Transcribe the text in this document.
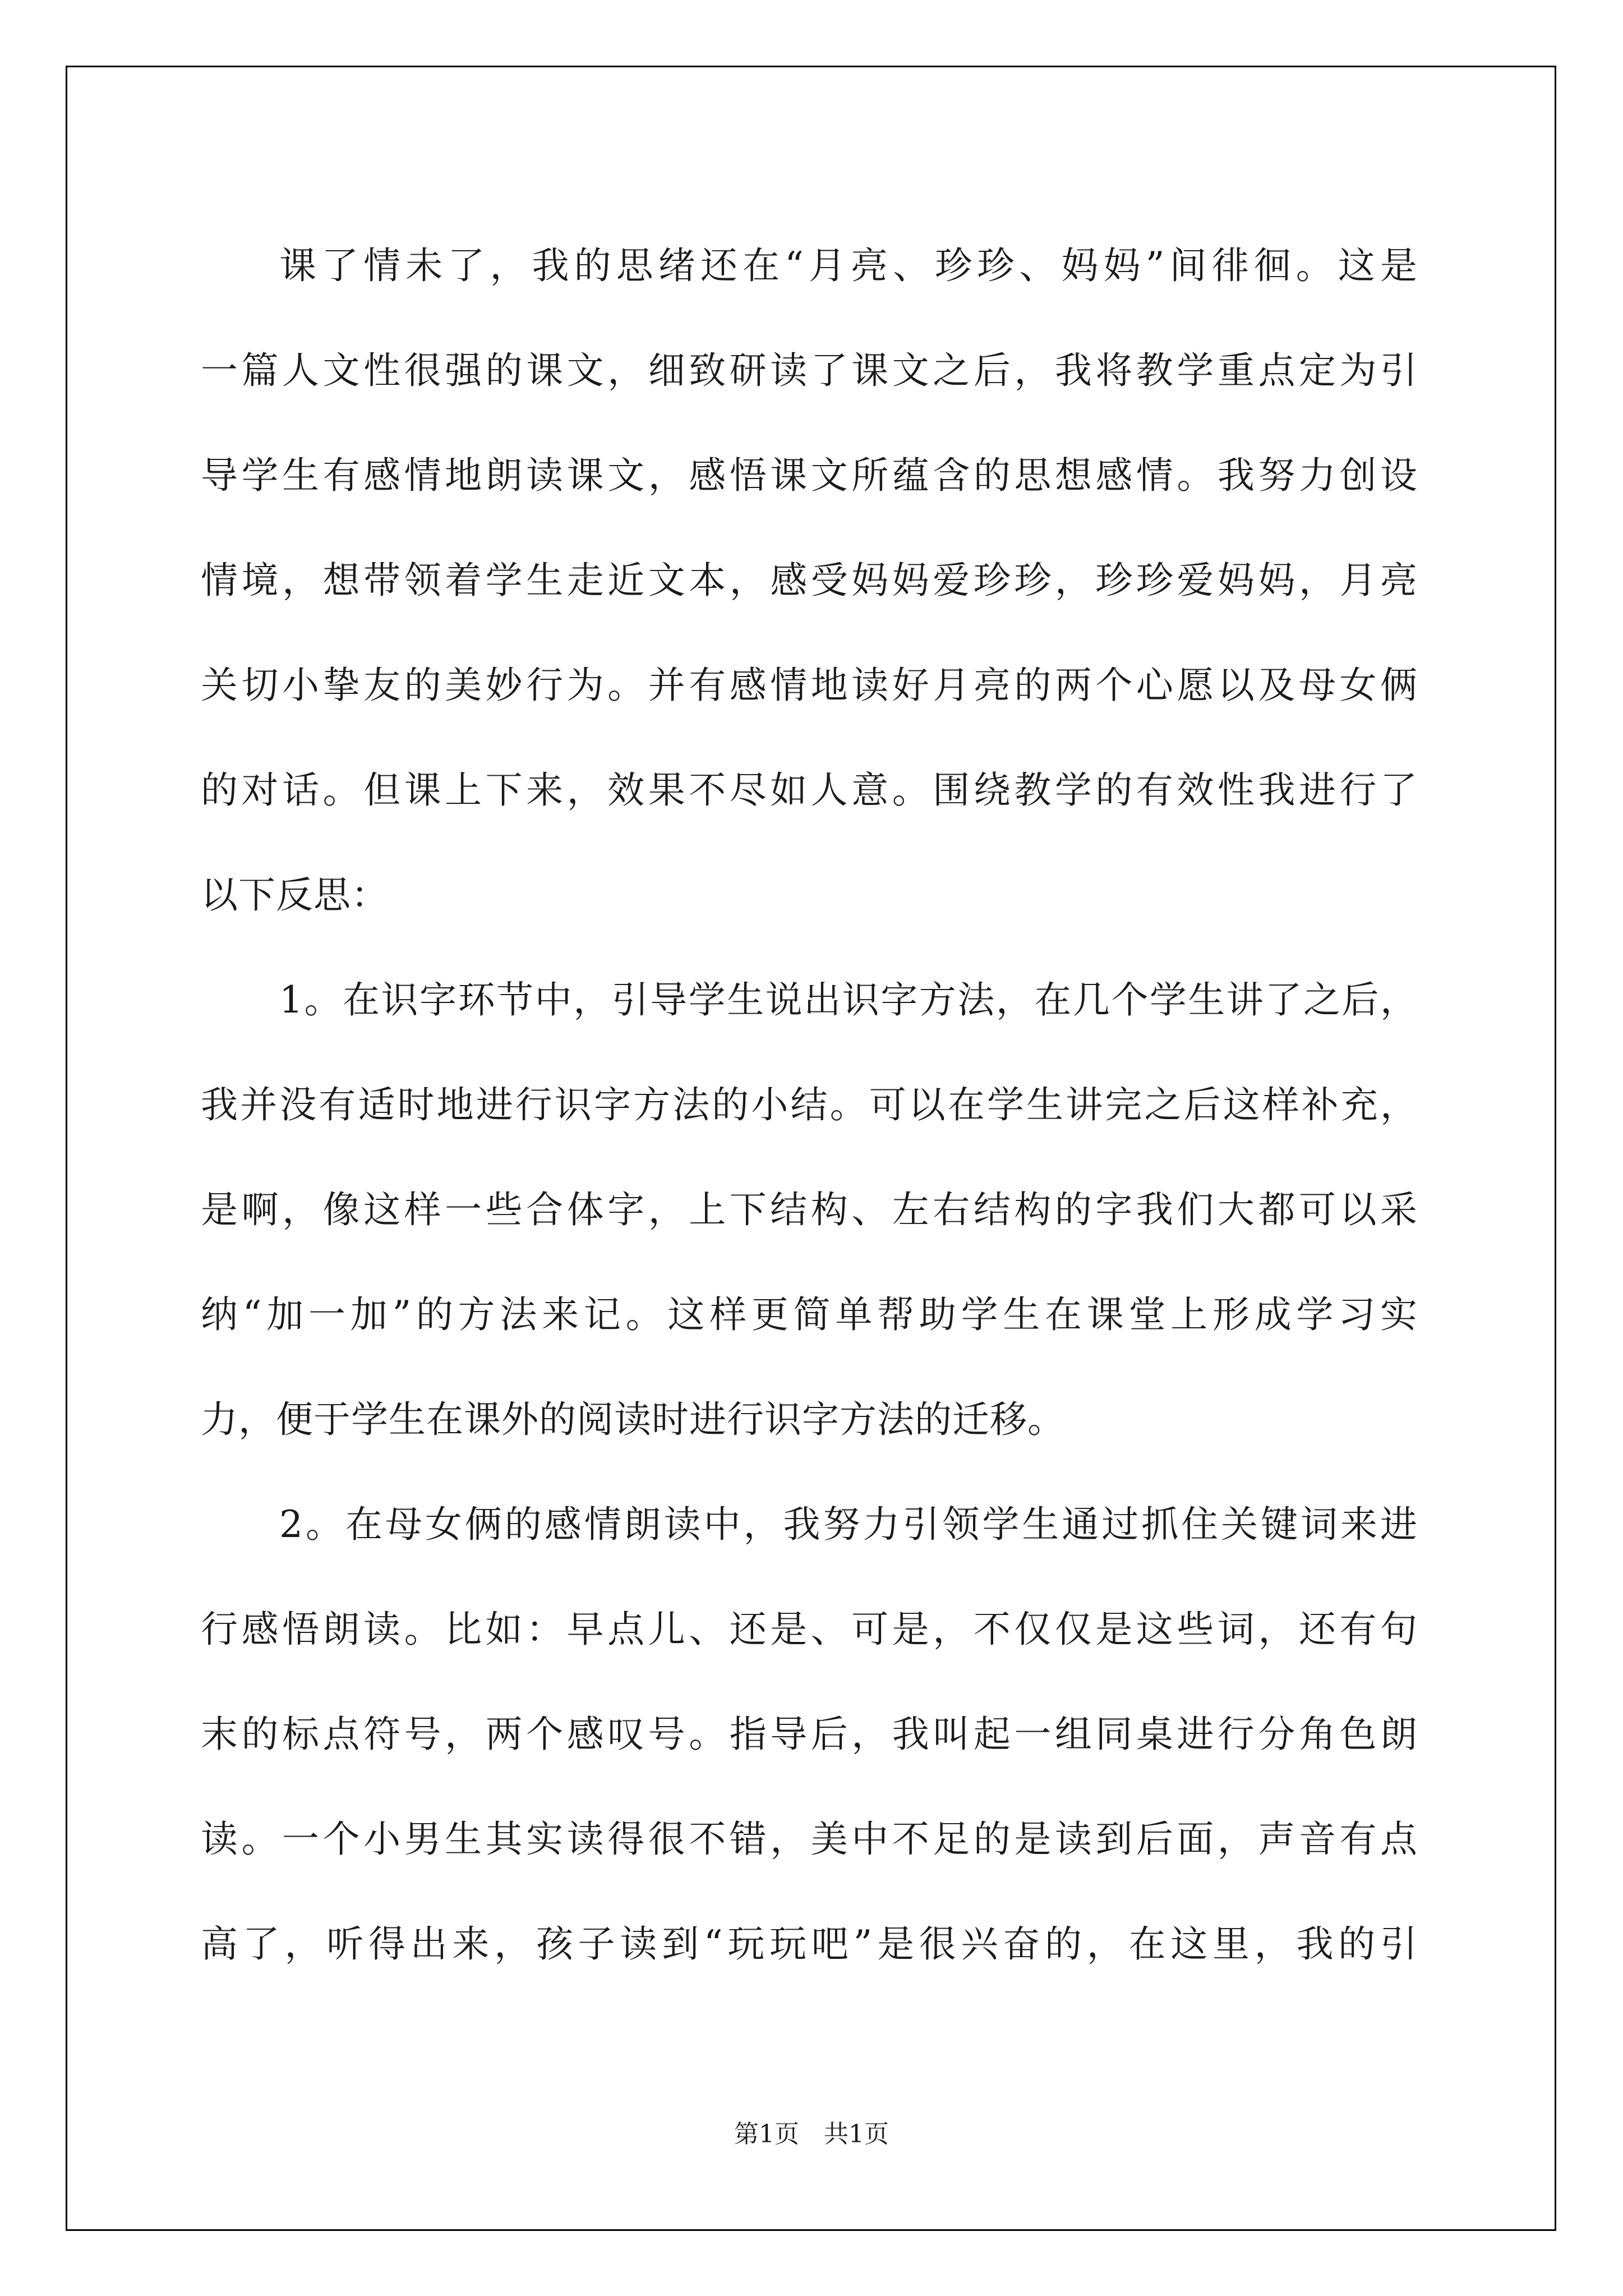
课了情未了，我的思绪还在“月亮、珍珍、妈妈”间徘徊。这是
一篇人文性很强的课文，细致研读了课文之后，我将教学重点定为引
导学生有感情地朗读课文，感悟课文所蕴含的思想感情。我努力创设
情境，想带领着学生走近文本，感受妈妈爱珍珍，珍珍爱妈妈，月亮
关切小挚友的美妙行为。并有感情地读好月亮的两个心愿以及母女俩
的对话。但课上下来，效果不尽如人意。围绕教学的有效性我进行了
以下反思：
1。在识字环节中，引导学生说出识字方法，在几个学生讲了之后，
我并没有适时地进行识字方法的小结。可以在学生讲完之后这样补充，
是啊，像这样一些合体字，上下结构、左右结构的字我们大都可以采
纳“加一加”的方法来记。这样更简单帮助学生在课堂上形成学习实
力，便于学生在课外的阅读时进行识字方法的迁移。
2。在母女俩的感情朗读中，我努力引领学生通过抓住关键词来进
行感悟朗读。比如：早点儿、还是、可是，不仅仅是这些词，还有句
末的标点符号，两个感叹号。指导后，我叫起一组同桌进行分角色朗
读。一个小男生其实读得很不错，美中不足的是读到后面，声音有点
高了，听得出来，孩子读到“玩玩吧”是很兴奋的，在这里，我的引
第1页　共1页
